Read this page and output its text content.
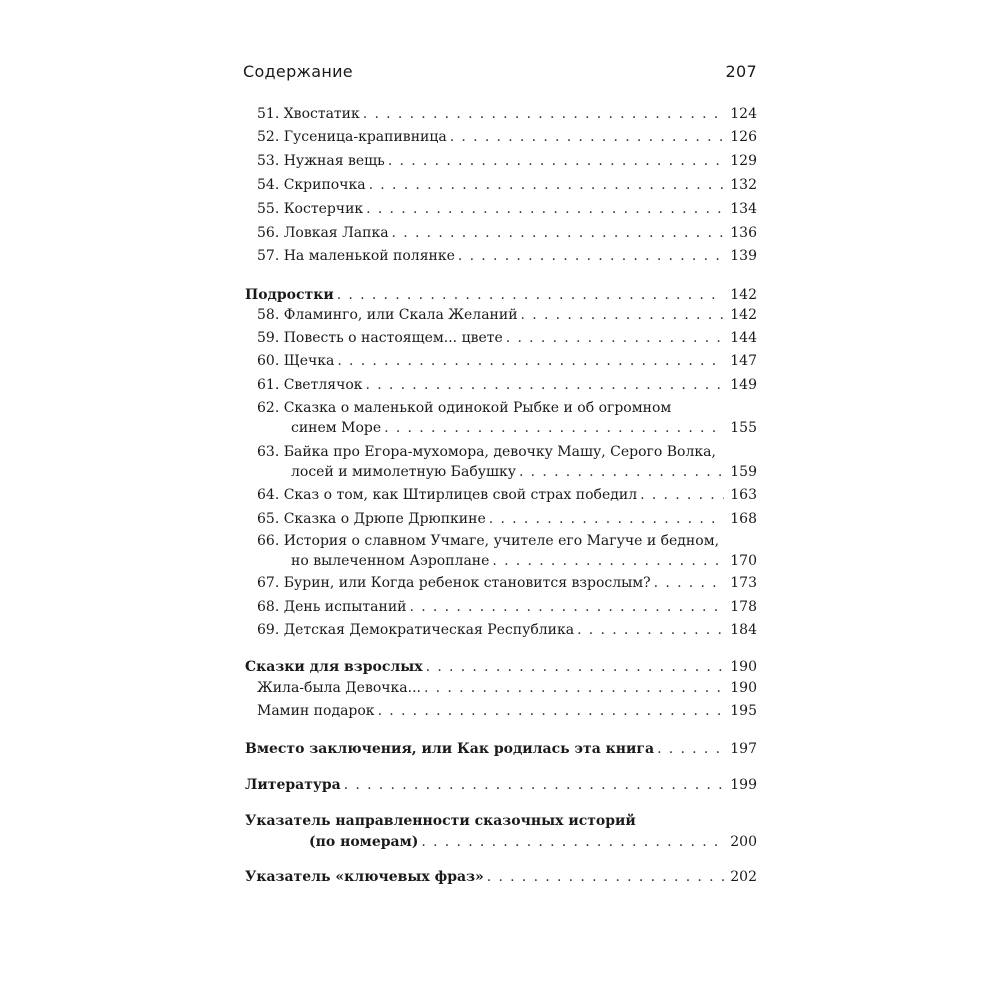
Содержание	207
51. Хвостатик . . .	124
52. Гусеница-крапивница . . .	126
53. Нужная вещь . . .	129
54. Скрипочка . . .	132
55. Костерчик . . .	134
56. Ловкая Лапка . . .	136
57. На маленькой полянке . . .	139
Подростки . . .	142
58. Фламинго, или Скала Желаний . . .	142
59. Повесть о настоящем... цвете . . .	144
60. Щечка . . .	147
61. Светлячок . . .	149
62. Сказка о маленькой одинокой Рыбке и об огромном
синем Море . . .	155
63. Байка про Егора-мухомора, девочку Машу, Серого Волка,
лосей и мимолетную Бабушку . . .	159
64. Сказ о том, как Штирлицев свой страх победил . . .	163
65. Сказка о Дрюпе Дрюпкине . . .	168
66. История о славном Учмаге, учителе его Магуче и бедном,
но вылеченном Аэроплане . . .	170
67. Бурин, или Когда ребенок становится взрослым? . . .	173
68. День испытаний . . .	178
69. Детская Демократическая Республика . . .	184
Сказки для взрослых . . .	190
Жила-была Девочка... . . .	190
Мамин подарок . . .	195
Вместо заключения, или Как родилась эта книга . . .	197
Литература . . .	199
Указатель направленности сказочных историй
(по номерам) . . .	200
Указатель «ключевых фраз» . . .	202
